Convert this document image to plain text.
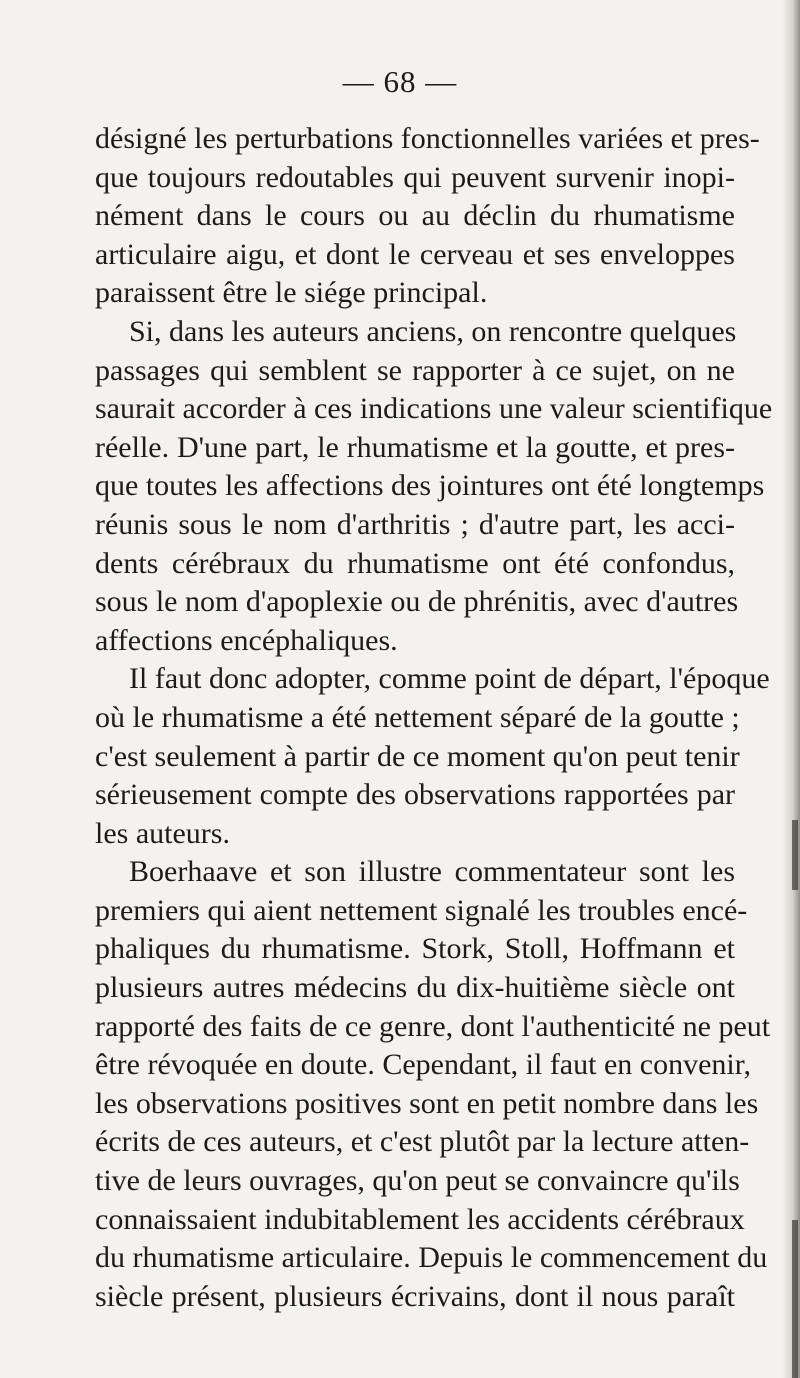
— 68 —
désigné les perturbations fonctionnelles variées et pres-
que toujours redoutables qui peuvent survenir inopi-
nément dans le cours ou au déclin du rhumatisme
articulaire aigu, et dont le cerveau et ses enveloppes
paraissent être le siége principal.
Si, dans les auteurs anciens, on rencontre quelques
passages qui semblent se rapporter à ce sujet, on ne
saurait accorder à ces indications une valeur scientifique
réelle. D'une part, le rhumatisme et la goutte, et pres-
que toutes les affections des jointures ont été longtemps
réunis sous le nom d'arthritis ; d'autre part, les acci-
dents cérébraux du rhumatisme ont été confondus,
sous le nom d'apoplexie ou de phrénitis, avec d'autres
affections encéphaliques.
Il faut donc adopter, comme point de départ, l'époque
où le rhumatisme a été nettement séparé de la goutte ;
c'est seulement à partir de ce moment qu'on peut tenir
sérieusement compte des observations rapportées par
les auteurs.
Boerhaave et son illustre commentateur sont les
premiers qui aient nettement signalé les troubles encé-
phaliques du rhumatisme. Stork, Stoll, Hoffmann et
plusieurs autres médecins du dix-huitième siècle ont
rapporté des faits de ce genre, dont l'authenticité ne peut
être révoquée en doute. Cependant, il faut en convenir,
les observations positives sont en petit nombre dans les
écrits de ces auteurs, et c'est plutôt par la lecture atten-
tive de leurs ouvrages, qu'on peut se convaincre qu'ils
connaissaient indubitablement les accidents cérébraux
du rhumatisme articulaire. Depuis le commencement du
siècle présent, plusieurs écrivains, dont il nous paraît
